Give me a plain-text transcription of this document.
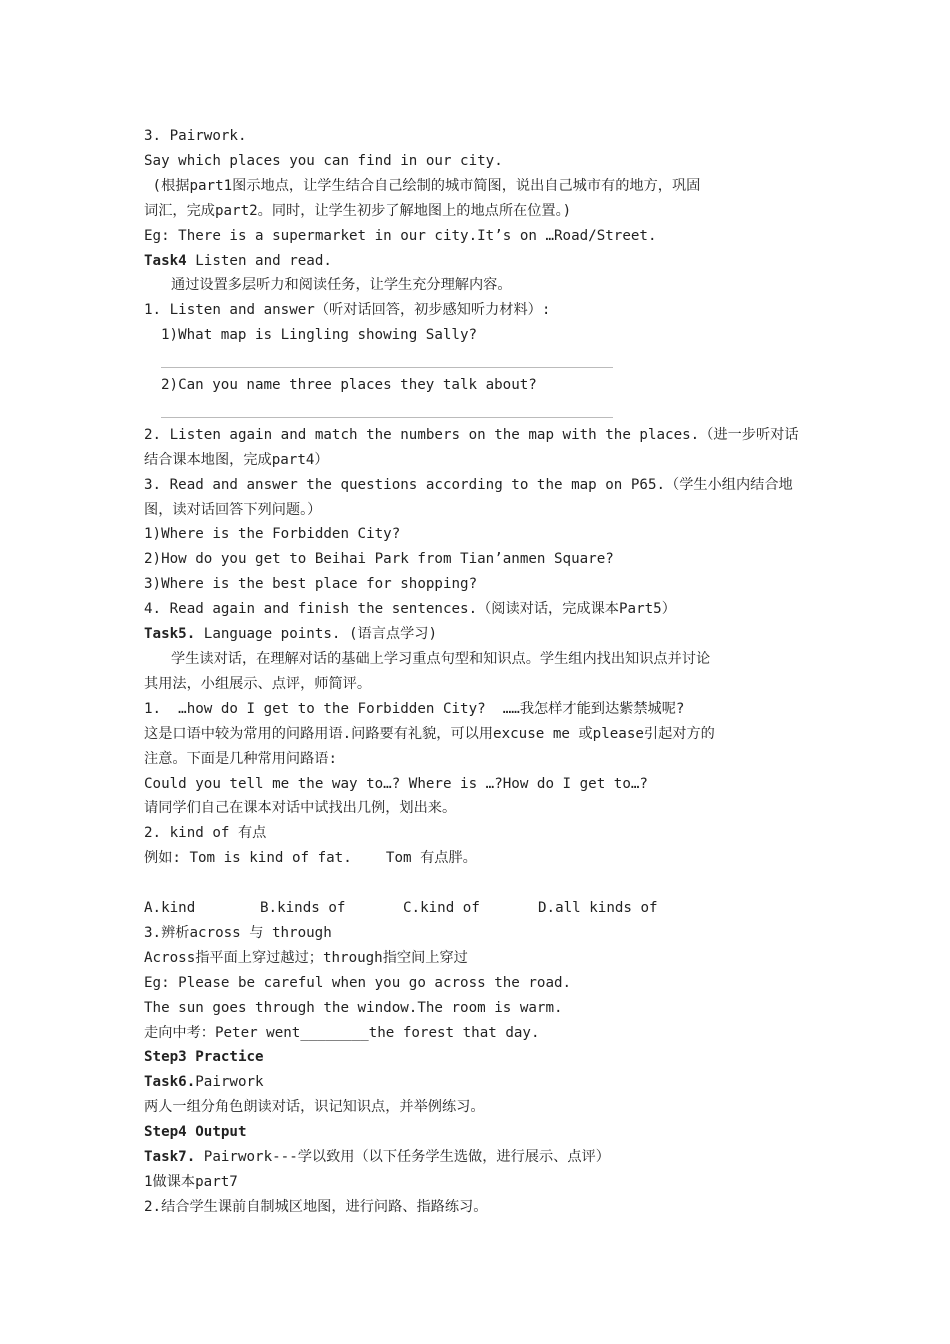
3. Pairwork.
Say which places you can find in our city.
(根据part1图示地点，让学生结合自己绘制的城市简图，说出自己城市有的地方，巩固
词汇，完成part2。同时，让学生初步了解地图上的地点所在位置。)
Eg: There is a supermarket in our city.It’s on …Road/Street.
Task4 Listen and read.
通过设置多层听力和阅读任务，让学生充分理解内容。
1. Listen and answer（听对话回答，初步感知听力材料）:
1)What map is Lingling showing Sally?
2)Can you name three places they talk about?
2. Listen again and match the numbers on the map with the places.（进一步听对话
结合课本地图，完成part4）
3. Read and answer the questions according to the map on P65.（学生小组内结合地
图，读对话回答下列问题。）
1)Where is the Forbidden City?
2)How do you get to Beihai Park from Tian’anmen Square?
3)Where is the best place for shopping?
4. Read again and finish the sentences.（阅读对话，完成课本Part5）
Task5. Language points. (语言点学习)
学生读对话，在理解对话的基础上学习重点句型和知识点。学生组内找出知识点并讨论
其用法，小组展示、点评，师简评。
1.  …how do I get to the Forbidden City?  ……我怎样才能到达紫禁城呢?
这是口语中较为常用的问路用语.问路要有礼貌，可以用excuse me 或please引起对方的
注意。下面是几种常用问路语:
Could you tell me the way to…? Where is …?How do I get to…?
请同学们自己在课本对话中试找出几例，划出来。
2. kind of 有点
例如: Tom is kind of fat.    Tom 有点胖。
A.kind	B.kinds of	C.kind of	D.all kinds of
3.辨析across 与 through
Across指平面上穿过越过；through指空间上穿过
Eg: Please be careful when you go across the road.
The sun goes through the window.The room is warm.
走向中考：Peter went________the forest that day.
Step3 Practice
Task6.Pairwork
两人一组分角色朗读对话，识记知识点，并举例练习。
Step4 Output
Task7. Pairwork---学以致用（以下任务学生选做，进行展示、点评）
1做课本part7
2.结合学生课前自制城区地图，进行问路、指路练习。
